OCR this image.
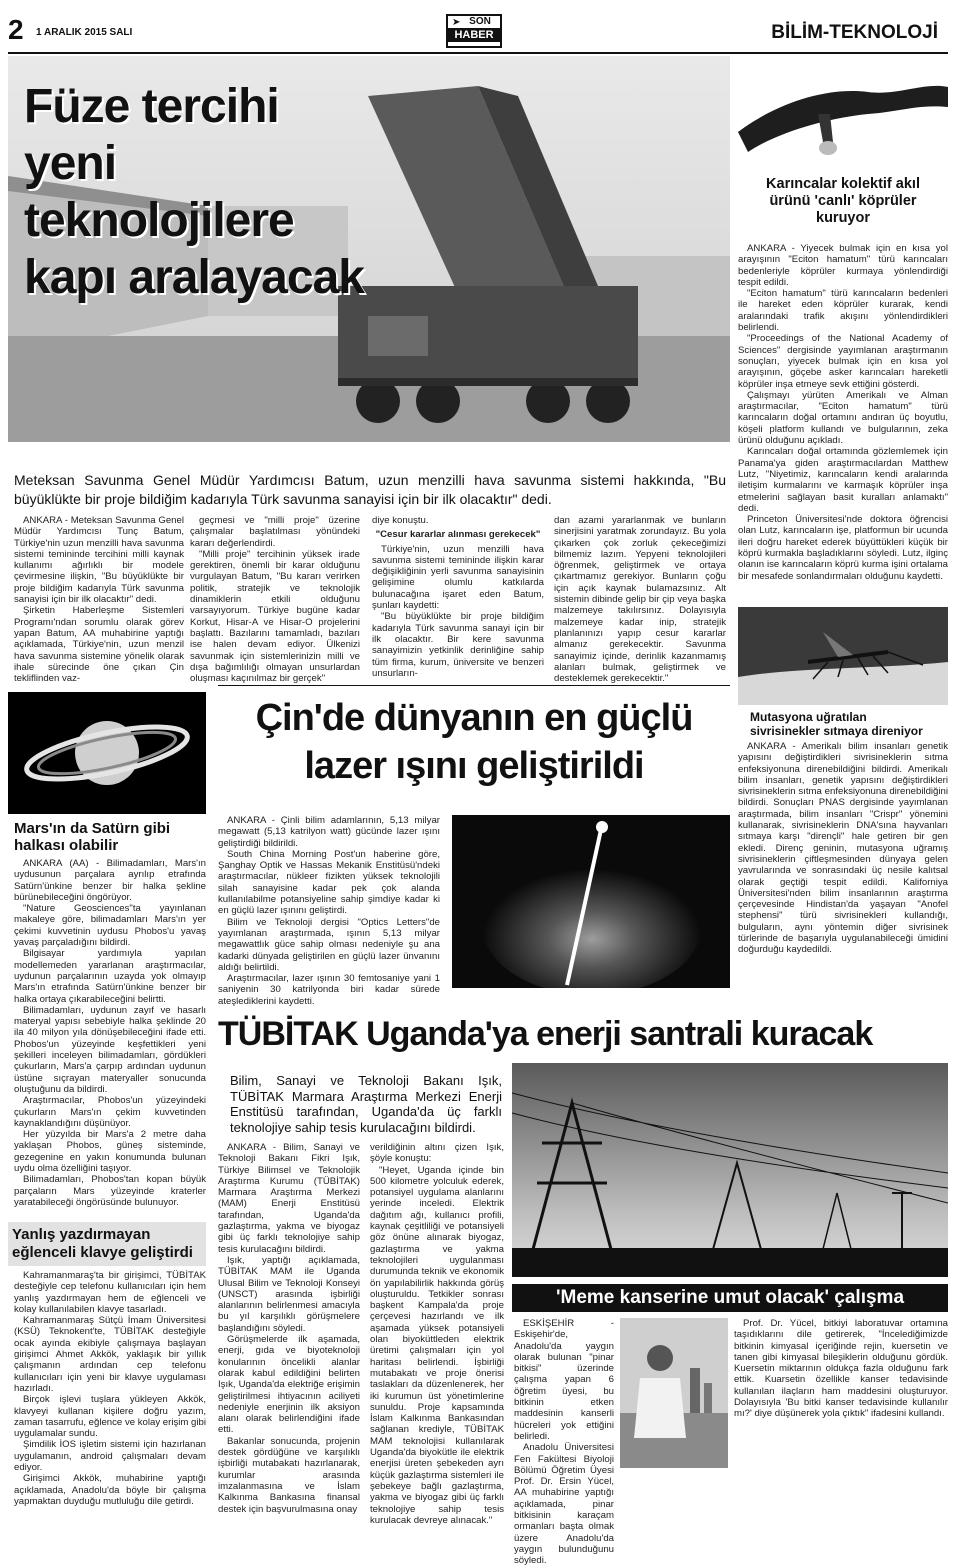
2 1 ARALIK 2015 SALI
SON
HABER
➤	BİLİM-TEKNOLOJİ
Füze tercihi
yeni
teknolojilere
kapı aralayacak
Meteksan Savunma Genel Müdür Yardımcısı Batum, uzun menzilli hava savunma sistemi hakkında, "Bu büyüklükte bir proje bildiğim kadarıyla Türk savunma sanayisi için bir ilk olacaktır" dedi.

ANKARA - Meteksan Savunma Genel Müdür Yardımcısı Tunç Batum, Türkiye'nin uzun menzilli hava savunma sistemi temininde tercihini milli kaynak kullanımı ağırlıklı bir modele çevirmesine ilişkin, "Bu büyüklükte bir proje bildiğim kadarıyla Türk savunma sanayisi için bir ilk olacaktır" dedi.

Şirketin Haberleşme Sistemleri Programı'ndan sorumlu olarak görev yapan Batum, AA muhabirine yaptığı açıklamada, Türkiye'nin, uzun menzil hava savunma sistemine yönelik olarak ihale sürecinde öne çıkan Çin tekliflinden vaz-

geçmesi ve "milli proje" üzerine çalışmalar başlatılması yönündeki kararı değerlendirdi.

"Milli proje" tercihinin yüksek irade gerektiren, önemli bir karar olduğunu vurgulayan Batum, "Bu kararı verirken politik, stratejik ve teknolojik dinamiklerin etkili olduğunu varsayıyorum. Türkiye bugüne kadar Korkut, Hisar-A ve Hisar-O projelerini başlattı. Bazılarını tamamladı, bazıları ise halen devam ediyor. Ülkenizi savunmak için sistemlerinizin milli ve dışa bağımlılığı olmayan unsurlardan oluşması kaçınılmaz bir gerçek"

diye konuştu.

"Cesur kararlar alınması gerekecek"

Türkiye'nin, uzun menzilli hava savunma sistemi temininde ilişkin karar değişikliğinin yerli savunma sanayisinin gelişimine olumlu katkılarda bulunacağına işaret eden Batum, şunları kaydetti:

"Bu büyüklükte bir proje bildiğim kadarıyla Türk savunma sanayi için bir ilk olacaktır. Bir kere savunma sanayimizin yetkinlik derinliğine sahip tüm firma, kurum, üniversite ve benzeri unsurların-

dan azami yararlanmak ve bunların sinerjisini yaratmak zorundayız. Bu yola çıkarken çok zorluk çekeceğimizi bilmemiz lazım. Yepyeni teknolojileri öğrenmek, geliştirmek ve ortaya çıkartmamız gerekiyor. Bunların çoğu için açık kaynak bulamazsınız. Alt sistemin dibinde gelip bir çip veya başka malzemeye takılırsınız. Dolayısıyla malzemeye kadar inip, stratejik planlanınızı yapıp cesur kararlar almanız gerekecektir. Savunma sanayimiz içinde, derinlik kazanmamış alanları bulmak, geliştirmek ve desteklemek gerekecektir."

Karıncalar kolektif akıl ürünü 'canlı' köprüler kuruyor

ANKARA - Yiyecek bulmak için en kısa yol arayışının "Eciton hamatum" türü karıncaları bedenleriyle köprüler kurmaya yönlendirdiği tespit edildi.

"Eciton hamatum" türü karıncaların bedenleri ile hareket eden köprüler kurarak, kendi aralarındaki trafik akışını yönlendirdikleri belirlendi.

"Proceedings of the National Academy of Sciences" dergisinde yayımlanan araştırmanın sonuçları, yiyecek bulmak için en kısa yol arayışının, göçebe asker karıncaları hareketli köprüler inşa etmeye sevk ettiğini gösterdi.

Çalışmayı yürüten Amerikalı ve Alman araştırmacılar, "Eciton hamatum" türü karıncaların doğal ortamını andıran üç boyutlu, köşeli platform kullandı ve bulgularının, zeka ürünü olduğunu açıkladı.

Karıncaları doğal ortamında gözlemlemek için Panama'ya giden araştırmacılardan Matthew Lutz, "Niyetimiz, karıncaların kendi aralarında iletişim kurmalarını ve karmaşık köprüler inşa etmelerini sağlayan basit kuralları anlamaktı" dedi.

Princeton Üniversitesi'nde doktora öğrencisi olan Lutz, karıncaların işe, platformun bir ucunda ileri doğru hareket ederek büyüttükleri küçük bir köprü kurmakla başladıklarını söyledi. Lutz, ilginç olanın ise karıncaların köprü kurma işini ortalama bir mesafede sonlandırmaları olduğunu kaydetti.

Mutasyona uğratılan sivrisinekler sıtmaya direniyor

ANKARA - Amerikalı bilim insanları genetik yapısını değiştirdikleri sivrisineklerin sıtma enfeksiyonuna direnebildiğini bildirdi. Amerikalı bilim insanları, genetik yapısını değiştirdikleri sivrisineklerin sıtma enfeksiyonuna direnebildiğini bildirdi. Sonuçları PNAS dergisinde yayımlanan araştırmada, bilim insanları "Crispr" yönemini kullanarak, sivrisineklerin DNA'sına hayvanları sıtmaya karşı "dirençli" hale getiren bir gen ekledi. Direnç geninin, mutasyona uğramış sivrisineklerin çiftleşmesinden dünyaya gelen yavrularında ve sonrasındaki üç nesile kalıtsal olarak geçtiği tespit edildi. Kaliforniya Üniversitesi'nden bilim insanlarının araştırma çerçevesinde Hindistan'da yaşayan "Anofel stephensi" türü sivrisinekleri kullandığı, bulguların, aynı yöntemin diğer sivrisinek türlerinde de başarıyla uygulanabileceği ümidini doğurduğu kaydedildi.

Çin'de dünyanın en güçlü
lazer ışını geliştirildi

ANKARA - Çinli bilim adamlarının, 5,13 milyar megawatt (5,13 katrilyon watt) gücünde lazer ışını geliştirdiği bildirildi.

South China Morning Post'un haberine göre, Şanghay Optik ve Hassas Mekanik Enstitüsü'ndeki araştırmacılar, nükleer fizikten yüksek teknolojili silah sanayisine kadar pek çok alanda kullanılabilme potansiyeline sahip şimdiye kadar ki en güçlü lazer ışınını geliştirdi.

Bilim ve Teknoloji dergisi "Optics Letters"de yayımlanan araştırmada, ışının 5,13 milyar megawattlık güce sahip olması nedeniyle şu ana kadarki dünyada geliştirilen en güçlü lazer ünvanını aldığı belirtildi.

Araştırmacılar, lazer ışının 30 femtosaniye yani 1 saniyenin 30 katrilyonda biri kadar sürede ateşlediklerini kaydetti.

Mars'ın da Satürn gibi halkası olabilir

ANKARA (AA) - Bilimadamları, Mars'ın uydusunun parçalara ayrılıp etrafında Satürn'ünkine benzer bir halka şekline bürünebileceğini öngörüyor.

"Nature Geosciences"ta yayınlanan makaleye göre, bilimadamları Mars'ın yer çekimi kuvvetinin uydusu Phobos'u yavaş yavaş parçaladığını bildirdi.

Bilgisayar yardımıyla yapılan modellemeden yararlanan araştırmacılar, uydunun parçalarının uzayda yok olmayıp Mars'ın etrafında Satürn'ünkine benzer bir halka ortaya çıkarabileceğini belirtti.

Bilimadamları, uydunun zayıf ve hasarlı materyal yapısı sebebiyle halka şeklinde 20 ila 40 milyon yıla dönüşebileceğini ifade etti. Phobos'un yüzeyinde keşfettikleri yeni şekilleri inceleyen bilimadamları, gördükleri çukurların, Mars'a çarpıp ardından uydunun üstüne sıçrayan materyaller sonucunda oluştuğunu da bildirdi.

Araştırmacılar, Phobos'un yüzeyindeki çukurların Mars'ın çekim kuvvetinden kaynaklandığını düşünüyor.

Her yüzyılda bir Mars'a 2 metre daha yaklaşan Phobos, güneş sisteminde, gezegenine en yakın konumunda bulunan uydu olma özelliğini taşıyor.

Bilimadamları, Phobos'tan kopan büyük parçaların Mars yüzeyinde kraterler yaratabileceği öngörüsünde bulunuyor.

Yanlış yazdırmayan eğlenceli klavye geliştirdi

Kahramanmaraş'ta bir girişimci, TÜBİTAK desteğiyle cep telefonu kullanıcıları için hem yanlış yazdırmayan hem de eğlenceli ve kolay kullanılabilen klavye tasarladı.

Kahramanmaraş Sütçü İmam Üniversitesi (KSÜ) Teknokent'te, TÜBİTAK desteğiyle ocak ayında ekibiyle çalışmaya başlayan girişimci Ahmet Akkök, yaklaşık bir yıllık çalışmanın ardından cep telefonu kullanıcıları için yeni bir klavye uygulaması hazırladı.

Birçok işlevi tuşlara yükleyen Akkök, klavyeyi kullanan kişilere doğru yazım, zaman tasarrufu, eğlence ve kolay erişim gibi uygulamalar sundu.

Şimdilik İOS işletim sistemi için hazırlanan uygulamanın, android çalışmaları devam ediyor.

Girişimci Akkök, muhabirine yaptığı açıklamada, Anadolu'da böyle bir çalışma yapmaktan duyduğu mutluluğu dile getirdi.

TÜBİTAK Uganda'ya enerji santrali kuracak
Bilim, Sanayi ve Teknoloji Bakanı Işık, TÜBİTAK Marmara Araştırma Merkezi Enerji Enstitüsü tarafından, Uganda'da üç farklı teknolojiye sahip tesis kurulacağını bildirdi.

ANKARA - Bilim, Sanayi ve Teknoloji Bakanı Fikri Işık, Türkiye Bilimsel ve Teknolojik Araştırma Kurumu (TÜBİTAK) Marmara Araştırma Merkezi (MAM) Enerji Enstitüsü tarafından, Uganda'da gazlaştırma, yakma ve biyogaz gibi üç farklı teknolojiye sahip tesis kurulacağını bildirdi.

Işık, yaptığı açıklamada, TÜBİTAK MAM ile Uganda Ulusal Bilim ve Teknoloji Konseyi (UNSCT) arasında işbirliği alanlarının belirlenmesi amacıyla bu yıl karşılıklı görüşmelere başlandığını söyledi.

Görüşmelerde ilk aşamada, enerji, gıda ve biyoteknoloji konularının öncelikli alanlar olarak kabul edildiğini belirten Işık, Uganda'da elektriğe erişimin geliştirilmesi ihtiyacının aciliyeti nedeniyle enerjinin ilk aksiyon alanı olarak belirlendiğini ifade etti.

Bakanlar sonucunda, projenin destek gördüğüne ve karşılıklı işbirliği mutabakatı hazırlanarak, kurumlar arasında imzalanmasına ve İslam Kalkınma Bankasına finansal destek için başvurulmasına onay

verildiğinin altını çizen Işık, şöyle konuştu:

"Heyet, Uganda içinde bin 500 kilometre yolculuk ederek, potansiyel uygulama alanlarını yerinde inceledi. Elektrik dağıtım ağı, kullanıcı profili, kaynak çeşitliliği ve potansiyeli göz önüne alınarak biyogaz, gazlaştırma ve yakma teknolojileri uygulanması durumunda teknik ve ekonomik ön yapılabilirlik hakkında görüş oluşturuldu. Tetkikler sonrası başkent Kampala'da proje çerçevesi hazırlandı ve ilk aşamada yüksek potansiyeli olan biyoküttleden elektrik üretimi çalışmaları için yol haritası belirlendi. İşbirliği mutabakatı ve proje önerisi taslakları da düzenlenerek, her iki kurumun üst yönetimlerine sunuldu. Proje kapsamında İslam Kalkınma Bankasından sağlanan krediyle, TÜBİTAK MAM teknolojisi kullanılarak Uganda'da biyokütle ile elektrik enerjisi üreten şebekeden ayrı küçük gazlaştırma sistemleri ile şebekeye bağlı gazlaştırma, yakma ve biyogaz gibi üç farklı teknolojiye sahip tesis kurulacak devreye alınacak."

'Meme kanserine umut olacak' çalışma

ESKİŞEHİR - Eskişehir'de, Anadolu'da yaygın olarak bulunan "pinar bitkisi" üzerinde çalışma yapan 6 öğretim üyesi, bu bitkinin etken maddesinin kanserli hücreleri yok ettiğini belirledi.

Anadolu Üniversitesi Fen Fakültesi Biyoloji Bölümü Öğretim Üyesi Prof. Dr. Ersin Yücel, AA muhabirine yaptığı açıklamada, pinar bitkisinin karaçam ormanları başta olmak üzere Anadolu'da yaygın bulunduğunu söyledi.

Prof. Dr. Yücel, bitkiyi laboratuvar ortamına taşıdıklarını dile getirerek, "İncelediğimizde bitkinin kimyasal içeriğinde rejin, kuersetin ve tanen gibi kimyasal bileşiklerin olduğunu gördük. Kuersetin miktarının oldukça fazla olduğunu fark ettik. Kuarsetin özellikle kanser tedavisinde kullanılan ilaçların ham maddesini oluşturuyor. Dolayısıyla 'Bu bitki kanser tedavisinde kullanılır mı?' diye düşünerek yola çıktık" ifadesini kullandı.
